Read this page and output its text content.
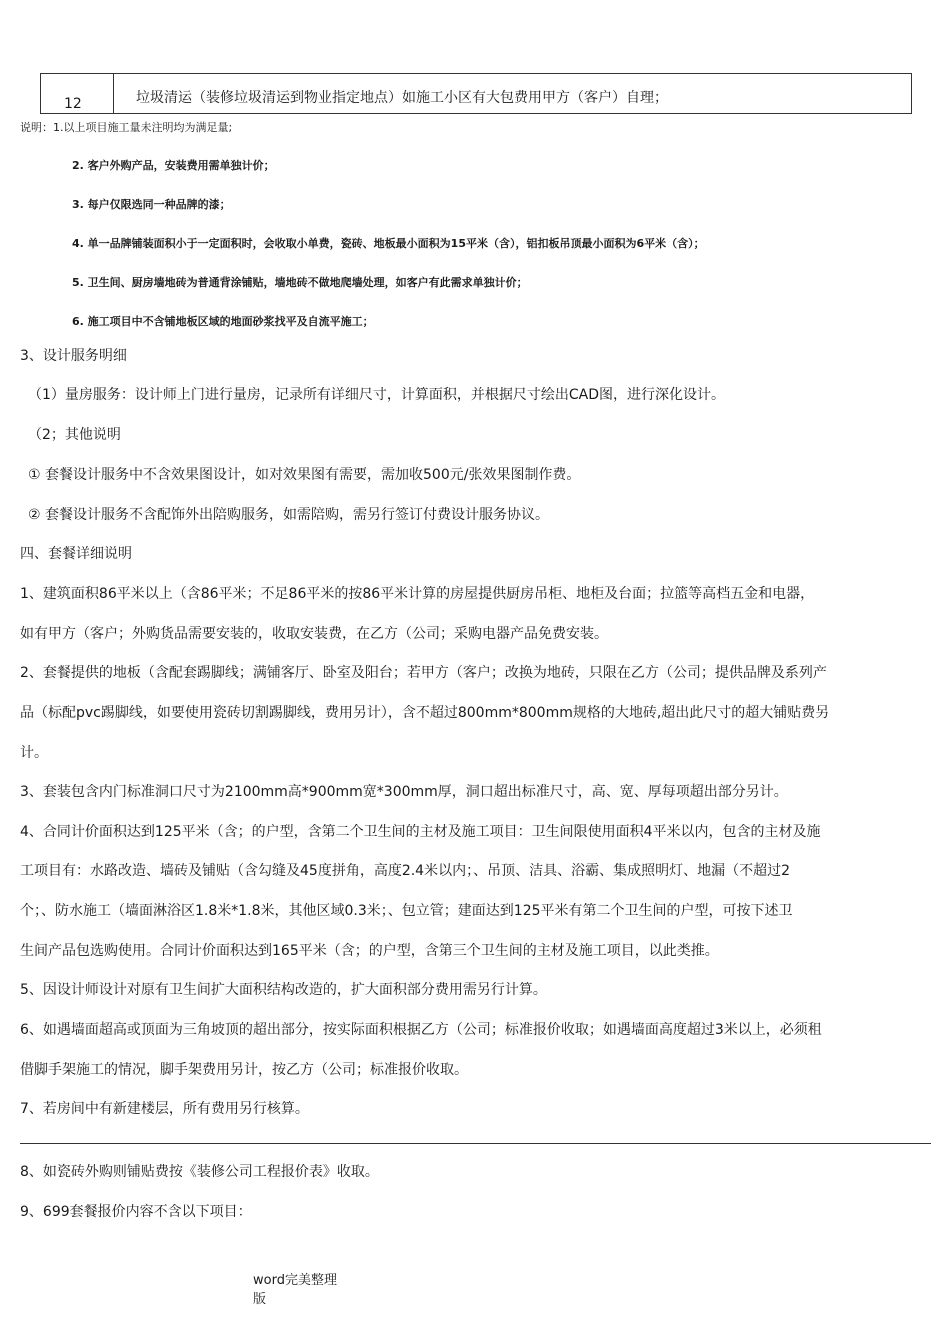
12	垃圾清运（装修垃圾清运到物业指定地点）如施工小区有大包费用甲方（客户）自理；
说明：1.以上项目施工量未注明均为满足量;
2. 客户外购产品，安装费用需单独计价；
3. 每户仅限选同一种品牌的漆；
4. 单一品牌铺装面积小于一定面积时，会收取小单费，瓷砖、地板最小面积为15平米（含），铝扣板吊顶最小面积为6平米（含）；
5. 卫生间、厨房墙地砖为普通背涂铺贴，墙地砖不做地爬墙处理，如客户有此需求单独计价；
6. 施工项目中不含铺地板区域的地面砂浆找平及自流平施工；
3、设计服务明细
（1）量房服务：设计师上门进行量房，记录所有详细尺寸，计算面积，并根据尺寸绘出CAD图，进行深化设计。
（2；其他说明
① 套餐设计服务中不含效果图设计，如对效果图有需要，需加收500元/张效果图制作费。
② 套餐设计服务不含配饰外出陪购服务，如需陪购，需另行签订付费设计服务协议。
四、套餐详细说明
1、建筑面积86平米以上（含86平米；不足86平米的按86平米计算的房屋提供厨房吊柜、地柜及台面；拉篮等高档五金和电器，
如有甲方（客户；外购货品需要安装的，收取安装费，在乙方（公司；采购电器产品免费安装。
2、套餐提供的地板（含配套踢脚线；满铺客厅、卧室及阳台；若甲方（客户；改换为地砖，只限在乙方（公司；提供品牌及系列产
品（标配pvc踢脚线，如要使用瓷砖切割踢脚线，费用另计），含不超过800mm*800mm规格的大地砖,超出此尺寸的超大铺贴费另
计。
3、套装包含内门标准洞口尺寸为2100mm高*900mm宽*300mm厚，洞口超出标准尺寸，高、宽、厚每项超出部分另计。
4、合同计价面积达到125平米（含；的户型，含第二个卫生间的主材及施工项目：卫生间限使用面积4平米以内，包含的主材及施
工项目有：水路改造、墙砖及铺贴（含勾缝及45度拼角，高度2.4米以内；、吊顶、洁具、浴霸、集成照明灯、地漏（不超过2
个；、防水施工（墙面淋浴区1.8米*1.8米，其他区域0.3米；、包立管；建面达到125平米有第二个卫生间的户型，可按下述卫
生间产品包选购使用。合同计价面积达到165平米（含；的户型，含第三个卫生间的主材及施工项目，以此类推。
5、因设计师设计对原有卫生间扩大面积结构改造的，扩大面积部分费用需另行计算。
6、如遇墙面超高或顶面为三角坡顶的超出部分，按实际面积根据乙方（公司；标准报价收取；如遇墙面高度超过3米以上，必须租
借脚手架施工的情况，脚手架费用另计，按乙方（公司；标准报价收取。
7、若房间中有新建楼层，所有费用另行核算。
8、如瓷砖外购则铺贴费按《装修公司工程报价表》收取。
9、699套餐报价内容不含以下项目：
word完美整理
版
